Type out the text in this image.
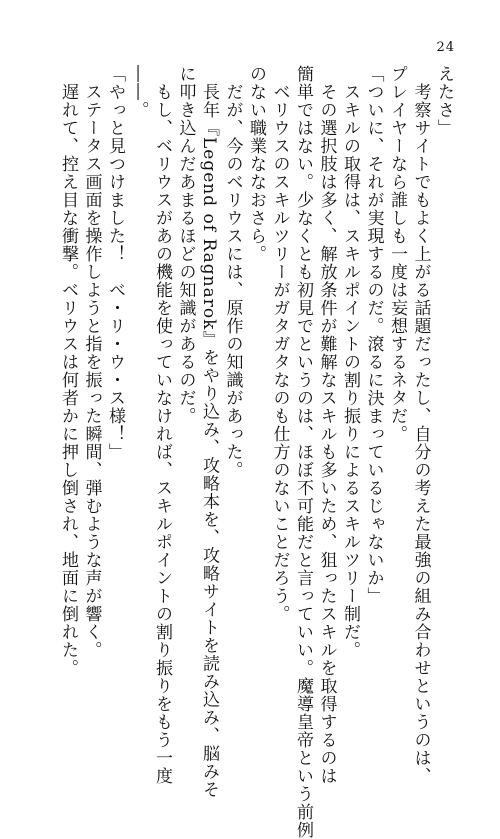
24
えたさ」
　考察サイトでもよく上がる話題だったし、自分の考えた最強の組み合わせというのは、
プレイヤーなら誰しも一度は妄想するネタだ。
「ついに、それが実現するのだ。滾るに決まっているじゃないか」
　スキルの取得は、スキルポイントの割り振りによるスキルツリー制だ。
　その選択肢は多く、解放条件が難解なスキルも多いため、狙ったスキルを取得するのは
簡単ではない。少なくとも初見でというのは、ほぼ不可能だと言っていい。魔導皇帝という前例
　ベリウスのスキルツリーがガタガタなのも仕方のないことだろう。
のない職業ななおさら。
　だが、今のベリウスには、原作の知識があった。
　長年『Legend of Ragnarok』をやり込み、攻略本を、攻略サイトを読み込み、脳みそ
に叩き込んだあまるほどの知識があるのだ。
　もし、ベリウスがあの機能を使っていなければ、スキルポイントの割り振りをもう一度
――。
「やっと見つけました！　べ・リ・ウ・ス様！」
　ステータス画面を操作しようと指を振った瞬間、弾むような声が響く。
　遅れて、控え目な衝撃。ベリウスは何者かに押し倒され、地面に倒れた。
